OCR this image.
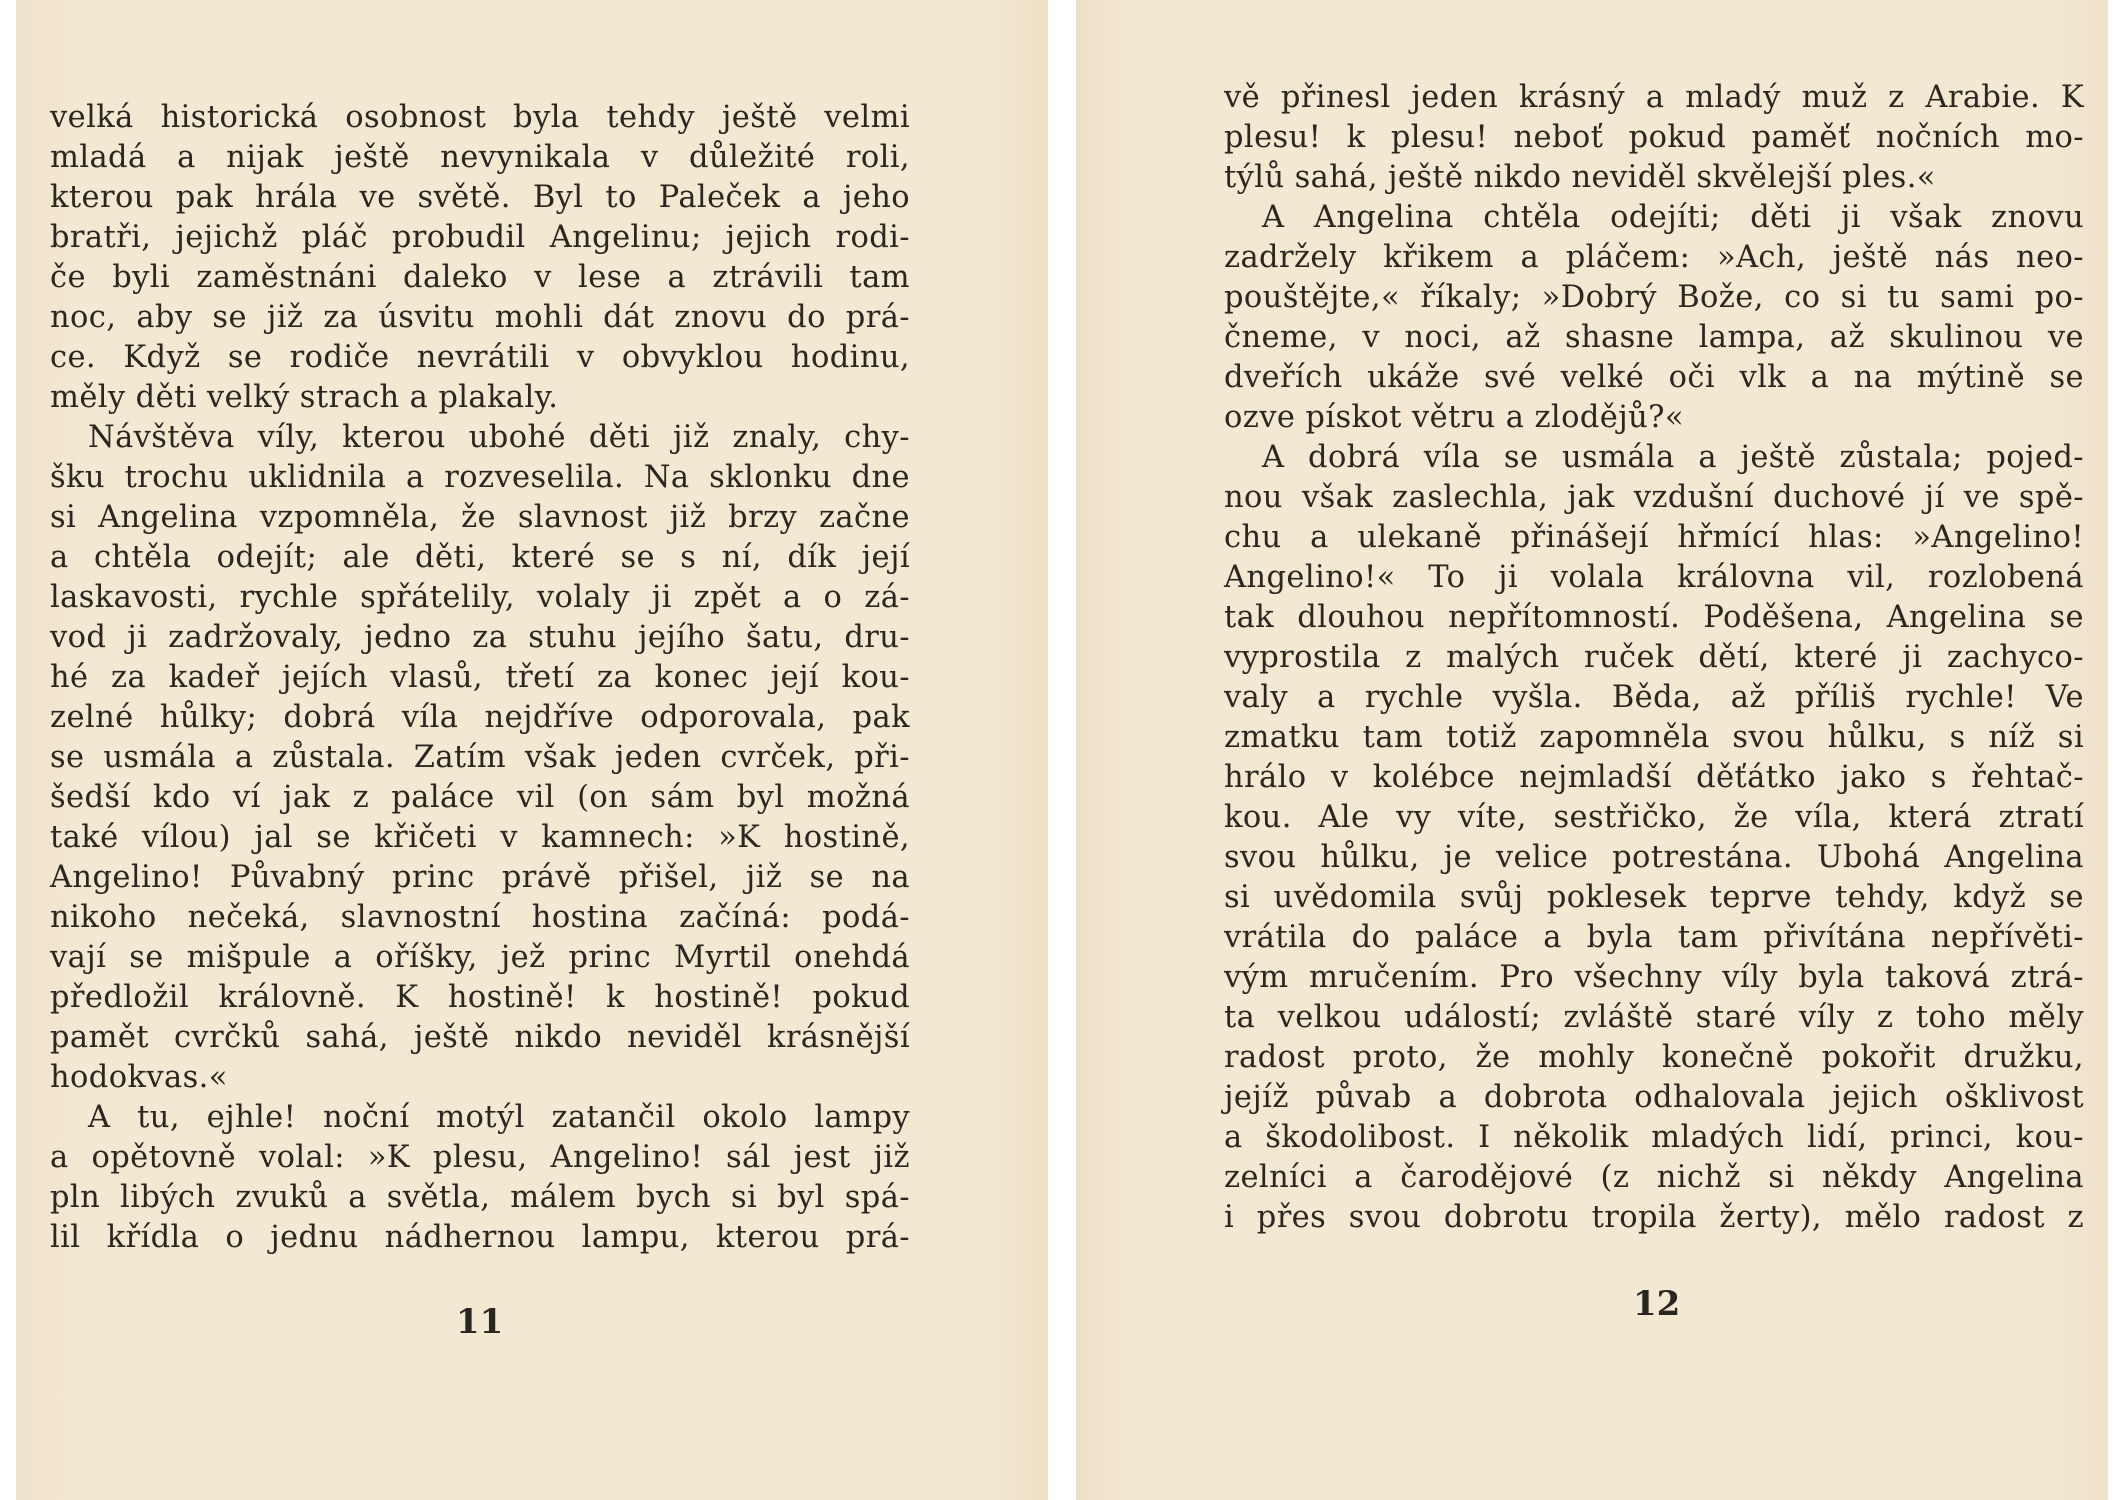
velká historická osobnost byla tehdy ještě velmi
mladá a nijak ještě nevynikala v důležité roli,
kterou pak hrála ve světě. Byl to Paleček a jeho
bratři, jejichž pláč probudil Angelinu; jejich rodi-
če byli zaměstnáni daleko v lese a ztrávili tam
noc, aby se již za úsvitu mohli dát znovu do prá-
ce. Když se rodiče nevrátili v obvyklou hodinu,
měly děti velký strach a plakaly.
Návštěva víly, kterou ubohé děti již znaly, chy-
šku trochu uklidnila a rozveselila. Na sklonku dne
si Angelina vzpomněla, že slavnost již brzy začne
a chtěla odejít; ale děti, které se s ní, dík její
laskavosti, rychle spřátelily, volaly ji zpět a o zá-
vod ji zadržovaly, jedno za stuhu jejího šatu, dru-
hé za kadeř jejích vlasů, třetí za konec její kou-
zelné hůlky; dobrá víla nejdříve odporovala, pak
se usmála a zůstala. Zatím však jeden cvrček, při-
šedší kdo ví jak z paláce vil (on sám byl možná
také vílou) jal se křičeti v kamnech: »K hostině,
Angelino! Půvabný princ právě přišel, již se na
nikoho nečeká, slavnostní hostina začíná: podá-
vají se mišpule a oříšky, jež princ Myrtil onehdá
předložil královně. K hostině! k hostině! pokud
pamět cvrčků sahá, ještě nikdo neviděl krásnější
hodokvas.«
A tu, ejhle! noční motýl zatančil okolo lampy
a opětovně volal: »K plesu, Angelino! sál jest již
pln libých zvuků a světla, málem bych si byl spá-
lil křídla o jednu nádhernou lampu, kterou prá-
11
vě přinesl jeden krásný a mladý muž z Arabie. K
plesu! k plesu! neboť pokud paměť nočních mo-
týlů sahá, ještě nikdo neviděl skvělejší ples.«
A Angelina chtěla odejíti; děti ji však znovu
zadržely křikem a pláčem: »Ach, ještě nás neo-
pouštějte,« říkaly; »Dobrý Bože, co si tu sami po-
čneme, v noci, až shasne lampa, až skulinou ve
dveřích ukáže své velké oči vlk a na mýtině se
ozve pískot větru a zlodějů?«
A dobrá víla se usmála a ještě zůstala; pojed-
nou však zaslechla, jak vzdušní duchové jí ve spě-
chu a ulekaně přinášejí hřmící hlas: »Angelino!
Angelino!« To ji volala královna vil, rozlobená
tak dlouhou nepřítomností. Poděšena, Angelina se
vyprostila z malých ruček dětí, které ji zachyco-
valy a rychle vyšla. Běda, až příliš rychle! Ve
zmatku tam totiž zapomněla svou hůlku, s níž si
hrálo v kolébce nejmladší děťátko jako s řehtač-
kou. Ale vy víte, sestřičko, že víla, která ztratí
svou hůlku, je velice potrestána. Ubohá Angelina
si uvědomila svůj poklesek teprve tehdy, když se
vrátila do paláce a byla tam přivítána nepřívěti-
vým mručením. Pro všechny víly byla taková ztrá-
ta velkou událostí; zvláště staré víly z toho měly
radost proto, že mohly konečně pokořit družku,
jejíž půvab a dobrota odhalovala jejich ošklivost
a škodolibost. I několik mladých lidí, princi, kou-
zelníci a čarodějové (z nichž si někdy Angelina
i přes svou dobrotu tropila žerty), mělo radost z
12
